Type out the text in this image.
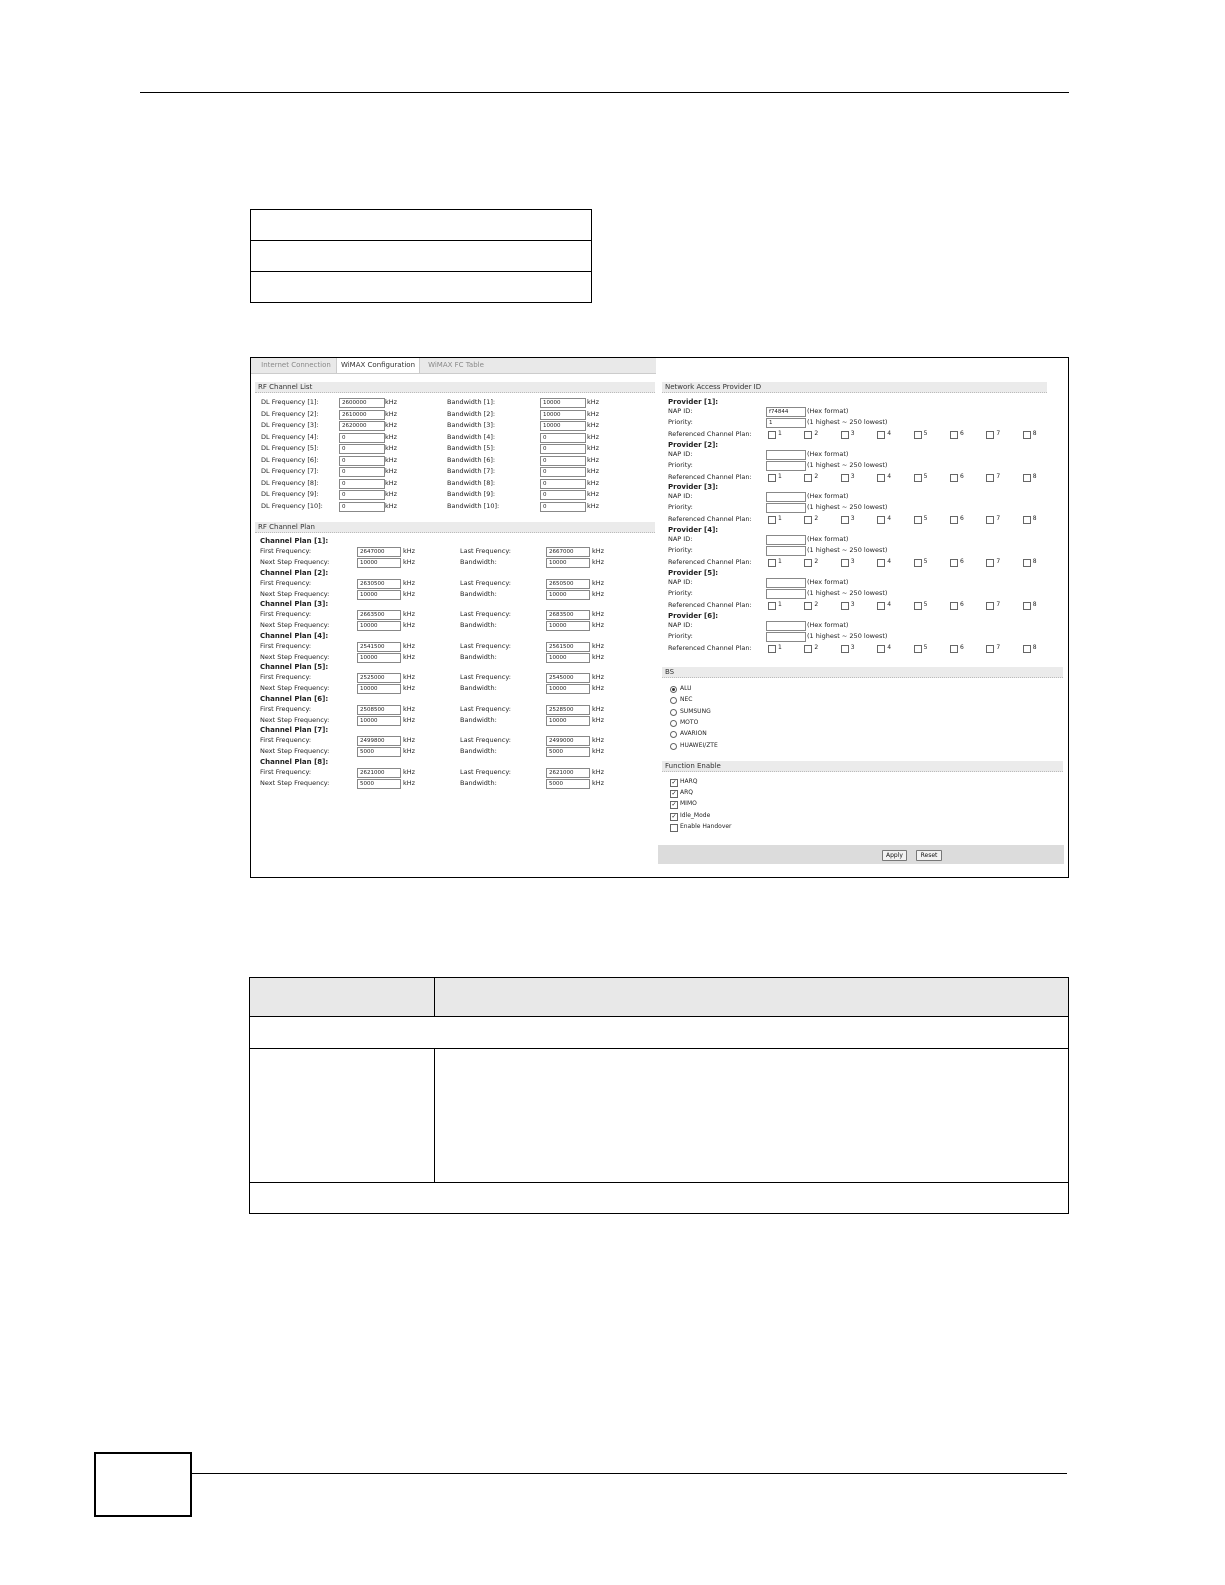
Internet Connection	WiMAX Configuration	WiMAX FC Table
RF Channel List
RF Channel Plan
Network Access Provider ID
BS
Function Enable
Apply	Reset
DL Frequency [1]:	2600000	kHz	Bandwidth [1]:	10000	kHz
DL Frequency [2]:	2610000	kHz	Bandwidth [2]:	10000	kHz
DL Frequency [3]:	2620000	kHz	Bandwidth [3]:	10000	kHz
DL Frequency [4]:	0	kHz	Bandwidth [4]:	0	kHz
DL Frequency [5]:	0	kHz	Bandwidth [5]:	0	kHz
DL Frequency [6]:	0	kHz	Bandwidth [6]:	0	kHz
DL Frequency [7]:	0	kHz	Bandwidth [7]:	0	kHz
DL Frequency [8]:	0	kHz	Bandwidth [8]:	0	kHz
DL Frequency [9]:	0	kHz	Bandwidth [9]:	0	kHz
DL Frequency [10]:	0	kHz	Bandwidth [10]:	0	kHz
Channel Plan [1]:
First Frequency:	2647000	kHz	Last Frequency:	2667000	kHz
Next Step Frequency:	10000	kHz	Bandwidth:	10000	kHz
Channel Plan [2]:
First Frequency:	2630500	kHz	Last Frequency:	2650500	kHz
Next Step Frequency:	10000	kHz	Bandwidth:	10000	kHz
Channel Plan [3]:
First Frequency:	2663500	kHz	Last Frequency:	2683500	kHz
Next Step Frequency:	10000	kHz	Bandwidth:	10000	kHz
Channel Plan [4]:
First Frequency:	2541500	kHz	Last Frequency:	2561500	kHz
Next Step Frequency:	10000	kHz	Bandwidth:	10000	kHz
Channel Plan [5]:
First Frequency:	2525000	kHz	Last Frequency:	2545000	kHz
Next Step Frequency:	10000	kHz	Bandwidth:	10000	kHz
Channel Plan [6]:
First Frequency:	2508500	kHz	Last Frequency:	2528500	kHz
Next Step Frequency:	10000	kHz	Bandwidth:	10000	kHz
Channel Plan [7]:
First Frequency:	2499800	kHz	Last Frequency:	2499000	kHz
Next Step Frequency:	5000	kHz	Bandwidth:	5000	kHz
Channel Plan [8]:
First Frequency:	2621000	kHz	Last Frequency:	2621000	kHz
Next Step Frequency:	5000	kHz	Bandwidth:	5000	kHz
Provider [1]:
NAP ID:	f74844	(Hex format)
Priority:	1	(1 highest ~ 250 lowest)
Referenced Channel Plan:	1	2	3	4	5	6	7	8
Provider [2]:
NAP ID:	(Hex format)
Priority:	(1 highest ~ 250 lowest)
Referenced Channel Plan:	1	2	3	4	5	6	7	8
Provider [3]:
NAP ID:	(Hex format)
Priority:	(1 highest ~ 250 lowest)
Referenced Channel Plan:	1	2	3	4	5	6	7	8
Provider [4]:
NAP ID:	(Hex format)
Priority:	(1 highest ~ 250 lowest)
Referenced Channel Plan:	1	2	3	4	5	6	7	8
Provider [5]:
NAP ID:	(Hex format)
Priority:	(1 highest ~ 250 lowest)
Referenced Channel Plan:	1	2	3	4	5	6	7	8
Provider [6]:
NAP ID:	(Hex format)
Priority:	(1 highest ~ 250 lowest)
Referenced Channel Plan:	1	2	3	4	5	6	7	8
ALU
NEC
SUMSUNG
MOTO
AVARION
HUAWEI/ZTE
✓ HARQ
✓ ARQ
✓ MIMO
✓ Idle_Mode
Enable Handover
